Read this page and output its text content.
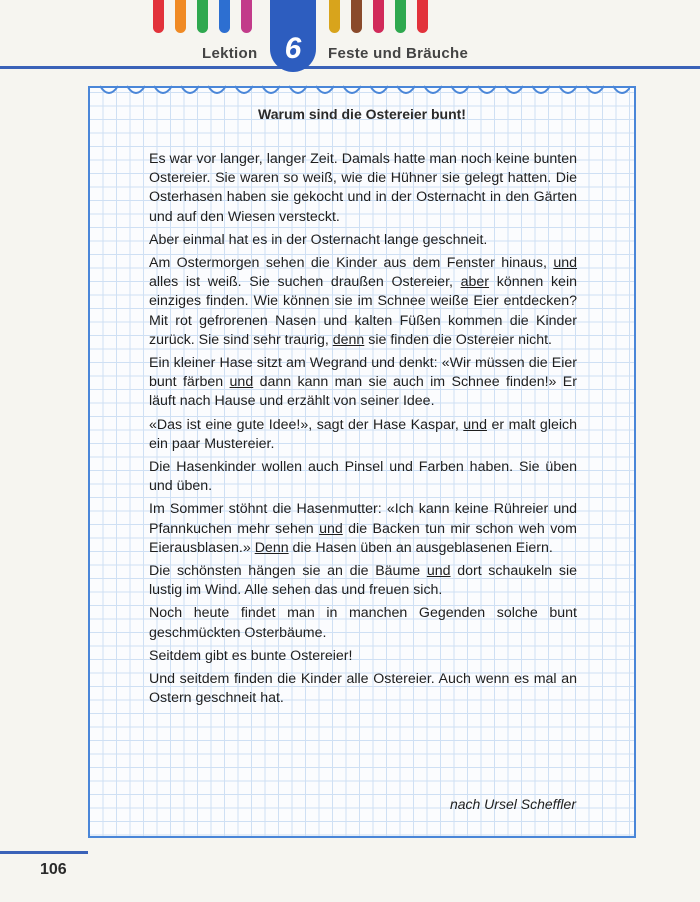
Lektion 6	Feste und Bräuche
Warum sind die Ostereier bunt!

Es war vor langer, langer Zeit. Damals hatte man noch keine bunten Ostereier. Sie waren so weiß, wie die Hühner sie gelegt hatten. Die Osterhasen haben sie gekocht und in der Osternacht in den Gärten und auf den Wiesen versteckt.

Aber einmal hat es in der Osternacht lange geschneit.

Am Ostermorgen sehen die Kinder aus dem Fenster hinaus, und alles ist weiß. Sie suchen draußen Ostereier, aber können kein einziges finden. Wie können sie im Schnee weiße Eier entdecken? Mit rot gefrorenen Nasen und kalten Füßen kommen die Kinder zurück. Sie sind sehr traurig, denn sie finden die Ostereier nicht.

Ein kleiner Hase sitzt am Wegrand und denkt: «Wir müssen die Eier bunt färben und dann kann man sie auch im Schnee finden!» Er läuft nach Hause und erzählt von seiner Idee.

«Das ist eine gute Idee!», sagt der Hase Kaspar, und er malt gleich ein paar Mustereier.

Die Hasenkinder wollen auch Pinsel und Farben haben. Sie üben und üben.

Im Sommer stöhnt die Hasenmutter: «Ich kann keine Rühreier und Pfannkuchen mehr sehen und die Backen tun mir schon weh vom Eierausblasen.» Denn die Hasen üben an ausgeblasenen Eiern.

Die schönsten hängen sie an die Bäume und dort schaukeln sie lustig im Wind. Alle sehen das und freuen sich.

Noch heute findet man in manchen Gegenden solche bunt geschmückten Osterbäume.

Seitdem gibt es bunte Ostereier!

Und seitdem finden die Kinder alle Ostereier. Auch wenn es mal an Ostern geschneit hat.

nach Ursel Scheffler
106
